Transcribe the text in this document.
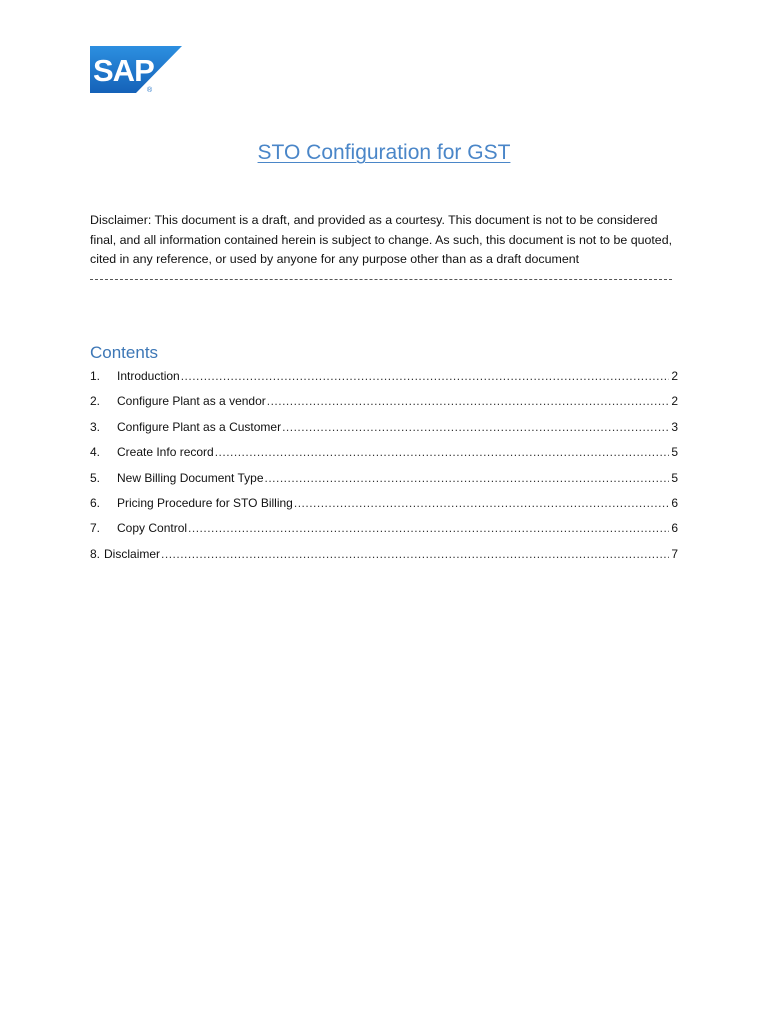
SAP
®
STO Configuration for GST
Disclaimer: This document is a draft, and provided as a courtesy. This document is not to be considered final, and all information contained herein is subject to change. As such, this document is not to be quoted, cited in any reference, or used by anyone for any purpose other than as a draft document
Contents
1.	Introduction .....	2
2.	Configure Plant as a vendor .....	2
3.	Configure Plant as a Customer .....	3
4.	Create Info record .....	5
5.	New Billing Document Type .....	5
6.	Pricing Procedure for STO Billing .....	6
7.	Copy Control .....	6
8. Disclaimer .....	7
